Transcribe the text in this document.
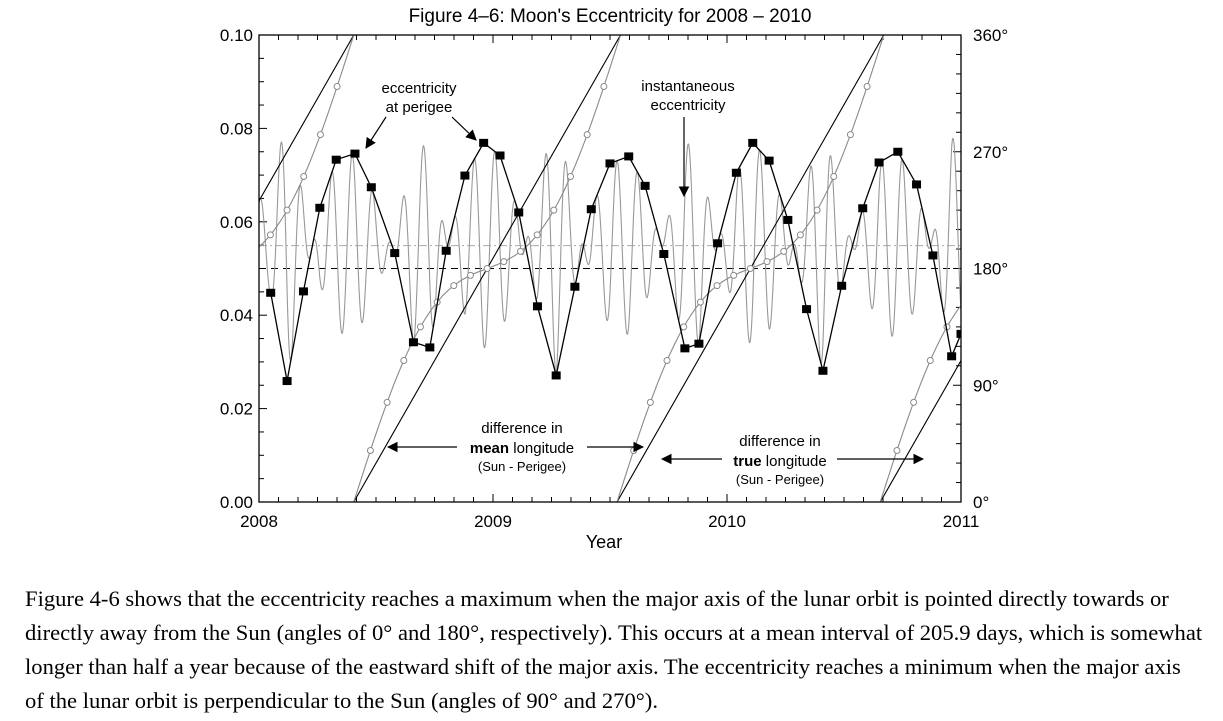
Figure 4–6: Moon's Eccentricity for 2008 – 2010
0.00
0.02
0.04
0.06
0.08
0.10
0°
90°
180°
270°
360°
2008	2009	2010	2011
Year
eccentricity
at perigee
instantaneous
eccentricity
difference in
mean longitude
(Sun - Perigee)
difference in
true longitude
(Sun - Perigee)

Figure 4-6 shows that the eccentricity reaches a maximum when the major axis of the lunar orbit is pointed directly towards or directly away from the Sun (angles of 0° and 180°, respectively). This occurs at a mean interval of 205.9 days, which is somewhat longer than half a year because of the eastward shift of the major axis. The eccentricity reaches a minimum when the major axis of the lunar orbit is perpendicular to the Sun (angles of 90° and 270°).
